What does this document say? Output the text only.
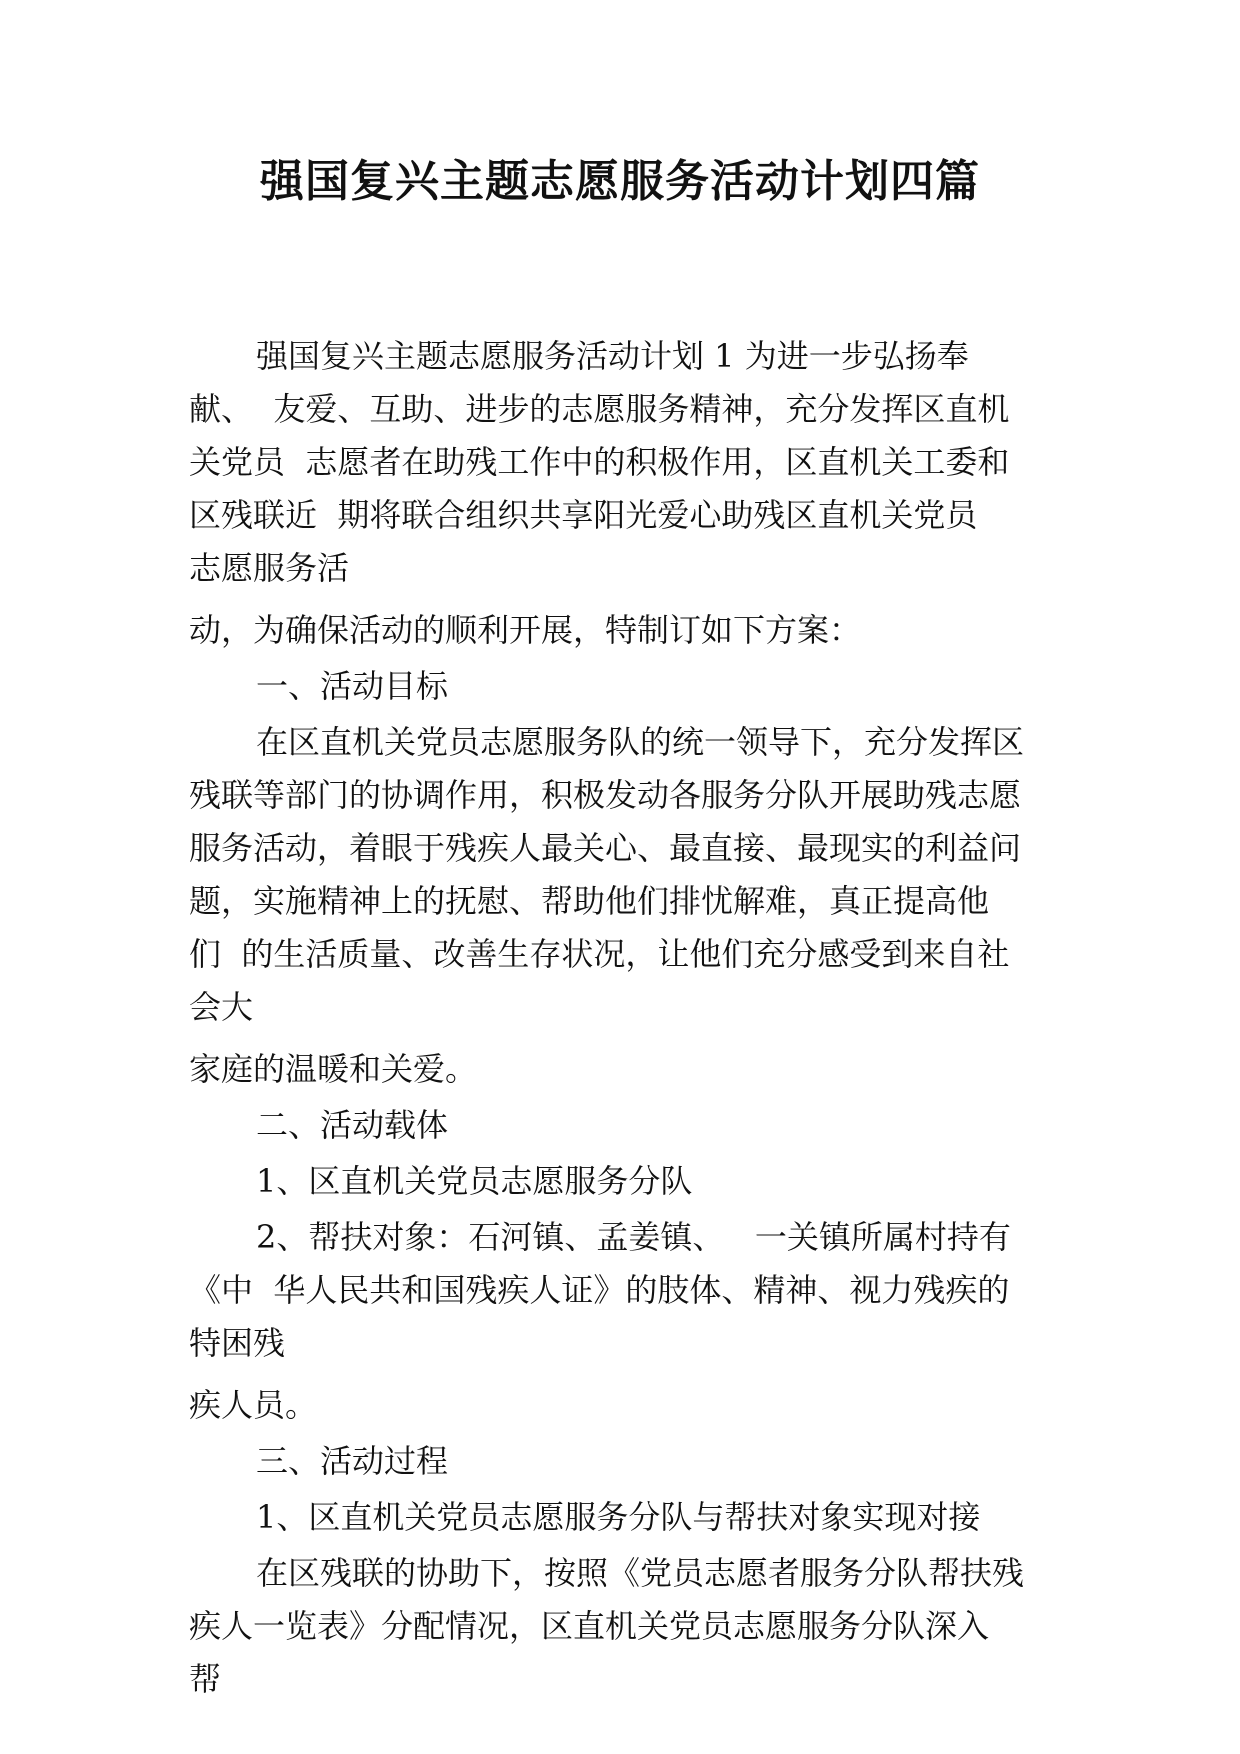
强国复兴主题志愿服务活动计划四篇

强国复兴主题志愿服务活动计划 1 为进一步弘扬奉

献、  友爱、互助、进步的志愿服务精神，充分发挥区直机

关党员  志愿者在助残工作中的积极作用，区直机关工委和

区残联近  期将联合组织共享阳光爱心助残区直机关党员

志愿服务活

动，为确保活动的顺利开展，特制订如下方案：

一、活动目标

在区直机关党员志愿服务队的统一领导下，充分发挥区

残联等部门的协调作用，积极发动各服务分队开展助残志愿

服务活动，着眼于残疾人最关心、最直接、最现实的利益问

题，实施精神上的抚慰、帮助他们排忧解难，真正提高他

们  的生活质量、改善生存状况，让他们充分感受到来自社

会大

家庭的温暖和关爱。

二、活动载体

1、区直机关党员志愿服务分队

2、帮扶对象：石河镇、孟姜镇、   一关镇所属村持有

《中  华人民共和国残疾人证》的肢体、精神、视力残疾的

特困残

疾人员。

三、活动过程

1、区直机关党员志愿服务分队与帮扶对象实现对接

在区残联的协助下，按照《党员志愿者服务分队帮扶残

疾人一览表》分配情况，区直机关党员志愿服务分队深入

帮
